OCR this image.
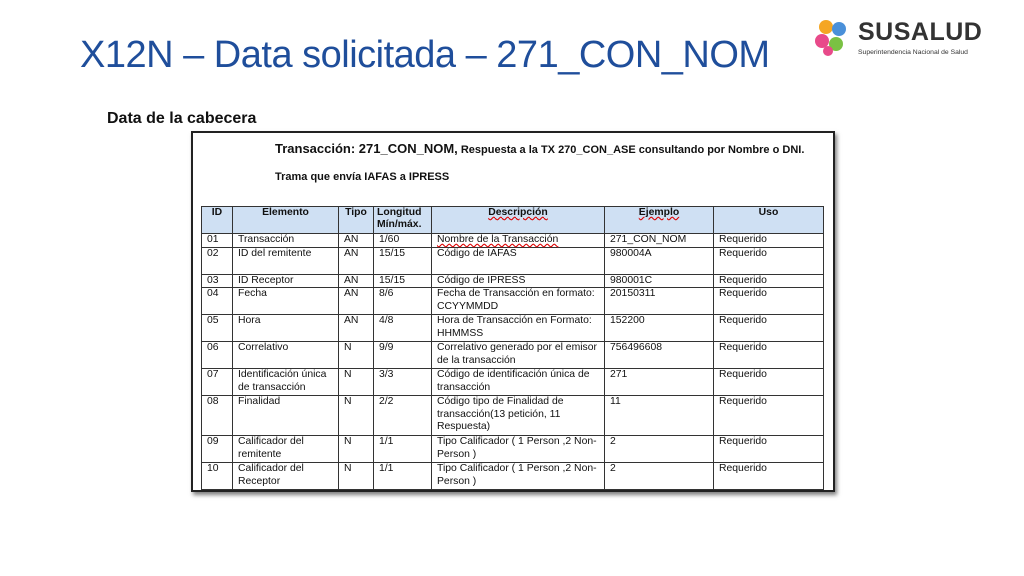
X12N – Data solicitada – 271_CON_NOM
SUSALUD
Superintendencia Nacional de Salud
Data de la cabecera
Transacción: 271_CON_NOM, Respuesta a la TX 270_CON_ASE consultando por Nombre o DNI.
Trama que envía IAFAS a IPRESS
ID	Elemento	Tipo	Longitud Mín/máx.	Descripción	Ejemplo	Uso
01	Transacción	AN	1/60	Nombre de la Transacción	271_CON_NOM	Requerido
02	ID del remitente	AN	15/15	Código de IAFAS	980004A	Requerido
03	ID Receptor	AN	15/15	Código de IPRESS	980001C	Requerido
04	Fecha	AN	8/6	Fecha de Transacción en formato: CCYYMMDD	20150311	Requerido
05	Hora	AN	4/8	Hora de Transacción en Formato: HHMMSS	152200	Requerido
06	Correlativo	N	9/9	Correlativo generado por el emisor de la transacción	756496608	Requerido
07	Identificación única de transacción	N	3/3	Código de identificación única de transacción	271	Requerido
08	Finalidad	N	2/2	Código tipo de Finalidad de transacción(13 petición, 11 Respuesta)	11	Requerido
09	Calificador del remitente	N	1/1	Tipo Calificador ( 1 Person ,2 Non-Person )	2	Requerido
10	Calificador del Receptor	N	1/1	Tipo Calificador ( 1 Person ,2 Non-Person )	2	Requerido
